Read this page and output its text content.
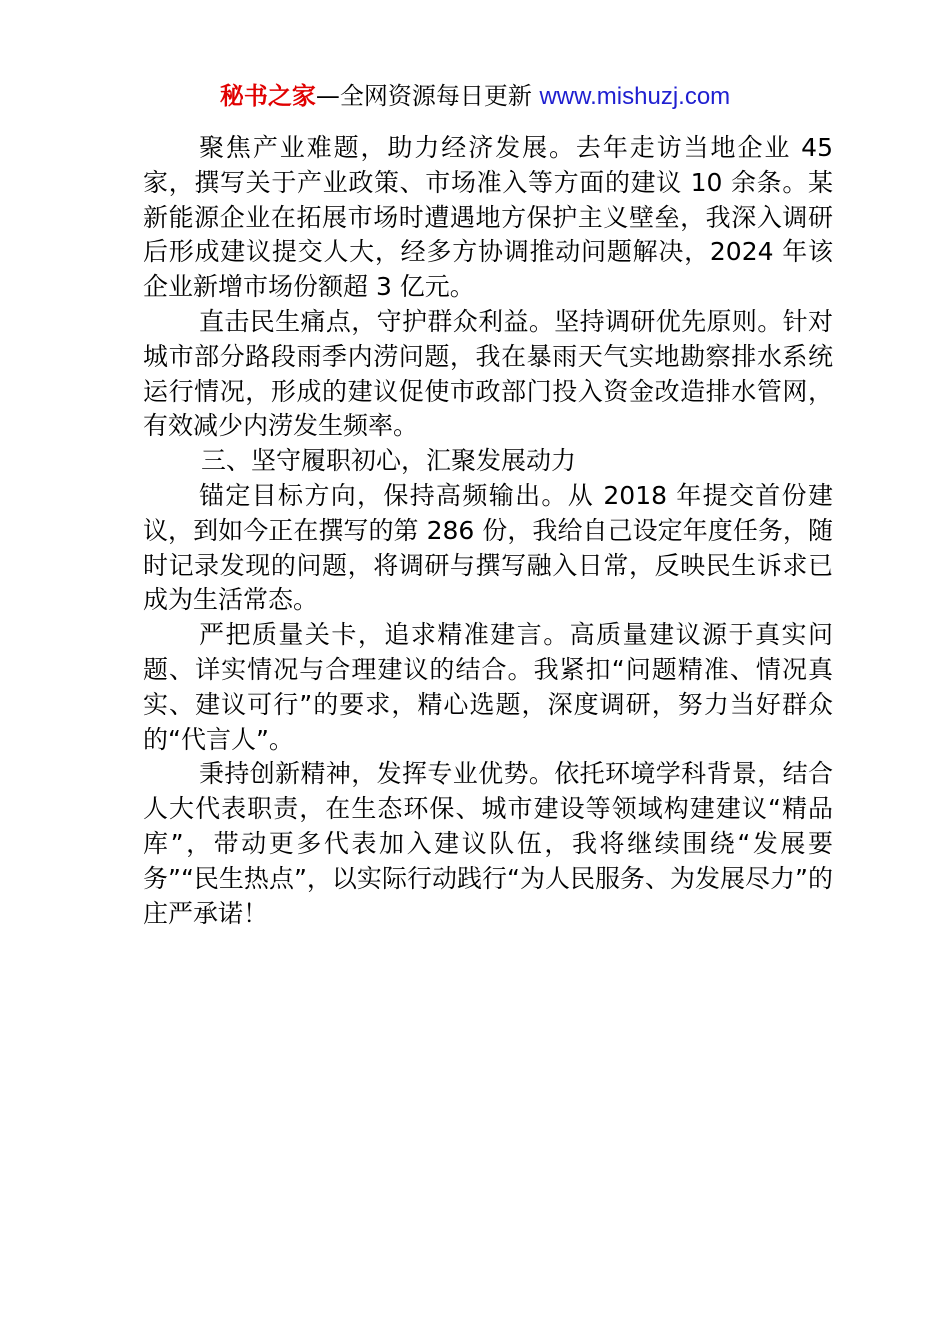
秘书之家—全网资源每日更新 www.mishuzj.com

聚焦产业难题，助力经济发展。去年走访当地企业 45 家，撰写关于产业政策、市场准入等方面的建议 10 余条。某新能源企业在拓展市场时遭遇地方保护主义壁垒，我深入调研后形成建议提交人大，经多方协调推动问题解决，2024 年该企业新增市场份额超 3 亿元。

直击民生痛点，守护群众利益。坚持调研优先原则。针对城市部分路段雨季内涝问题，我在暴雨天气实地勘察排水系统运行情况，形成的建议促使市政部门投入资金改造排水管网，有效减少内涝发生频率。

三、坚守履职初心，汇聚发展动力

锚定目标方向，保持高频输出。从 2018 年提交首份建议，到如今正在撰写的第 286 份，我给自己设定年度任务，随时记录发现的问题，将调研与撰写融入日常，反映民生诉求已成为生活常态。

严把质量关卡，追求精准建言。高质量建议源于真实问题、详实情况与合理建议的结合。我紧扣“问题精准、情况真实、建议可行”的要求，精心选题，深度调研，努力当好群众的“代言人”。

秉持创新精神，发挥专业优势。依托环境学科背景，结合人大代表职责，在生态环保、城市建设等领域构建建议“精品库”，带动更多代表加入建议队伍，我将继续围绕“发展要务”“民生热点”，以实际行动践行“为人民服务、为发展尽力”的庄严承诺！
